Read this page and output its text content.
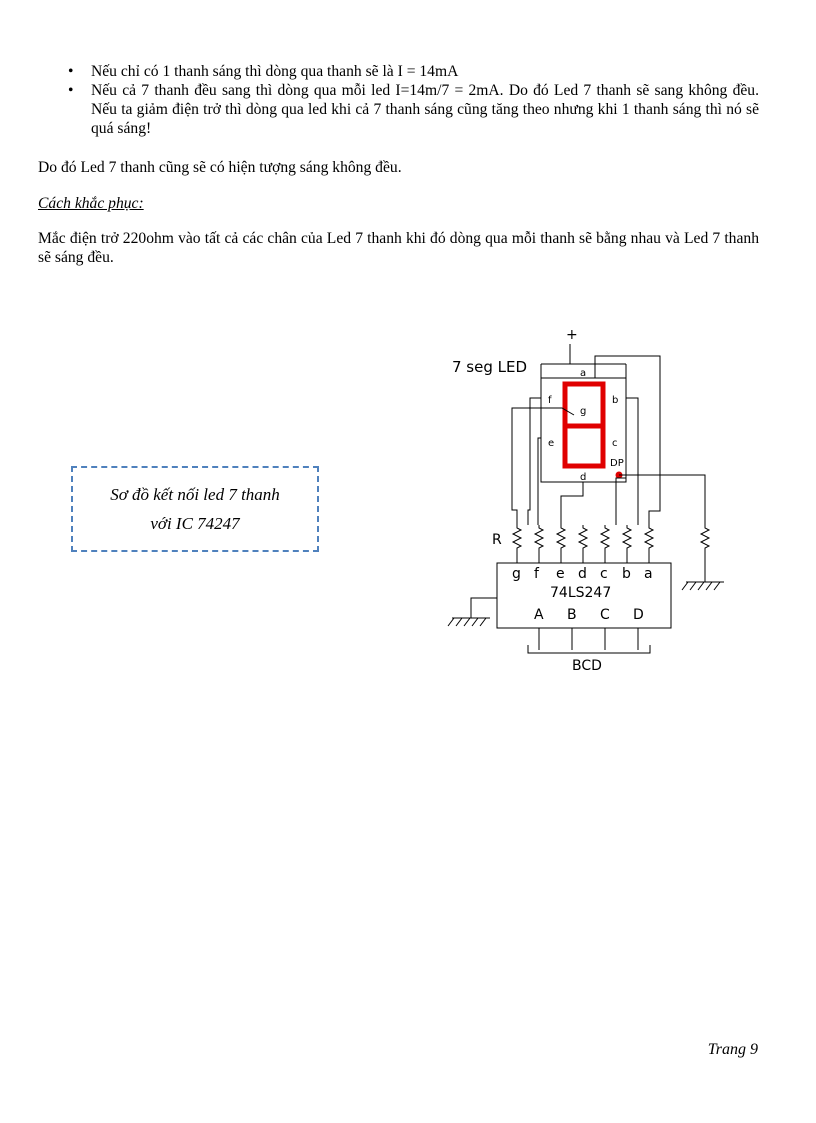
• Nếu chỉ có 1 thanh sáng thì dòng qua thanh sẽ là I = 14mA
• Nếu cả 7 thanh đều sang thì dòng qua mỗi led I=14m/7 = 2mA. Do đó Led 7 thanh sẽ sang không đều. Nếu ta giảm điện trở thì dòng qua led khi cả 7 thanh sáng cũng tăng theo nhưng khi 1 thanh sáng thì nó sẽ quá sáng!

Do đó Led 7 thanh cũng sẽ có hiện tượng sáng không đều.

Cách khắc phục:

Mắc điện trở 220ohm vào tất cả các chân của Led 7 thanh khi đó dòng qua mỗi thanh sẽ bằng nhau và Led 7 thanh sẽ sáng đều.

Sơ đồ kết nối led 7 thanh
với IC 74247
+
7 seg LED	a
b
c
d
e
f
g
DP
R
g f e d c b a
74LS247
A B C D
BCD
Trang 9
